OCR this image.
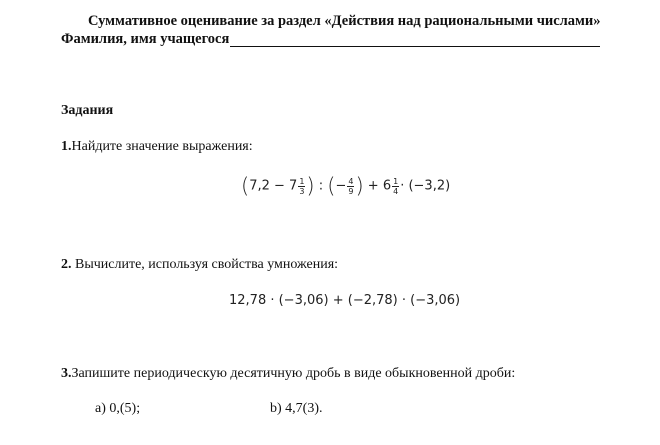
Суммативное оценивание за раздел «Действия над рациональными числами»
Фамилия, имя учащегося
Задания
1.Найдите значение выражения:
($7,2 - 7 \frac{1}{3}$ ) : (− $\frac{4}{9}$ ) + $6 \frac{1}{4} \cdot (-3,2)$
2. Вычислите, используя свойства умножения:
12,78 · (−3,06) + (−2,78) · (−3,06)
3.Запишите периодическую десятичную дробь в виде обыкновенной дроби:
a) 0,(5);	b) 4,7(3).
